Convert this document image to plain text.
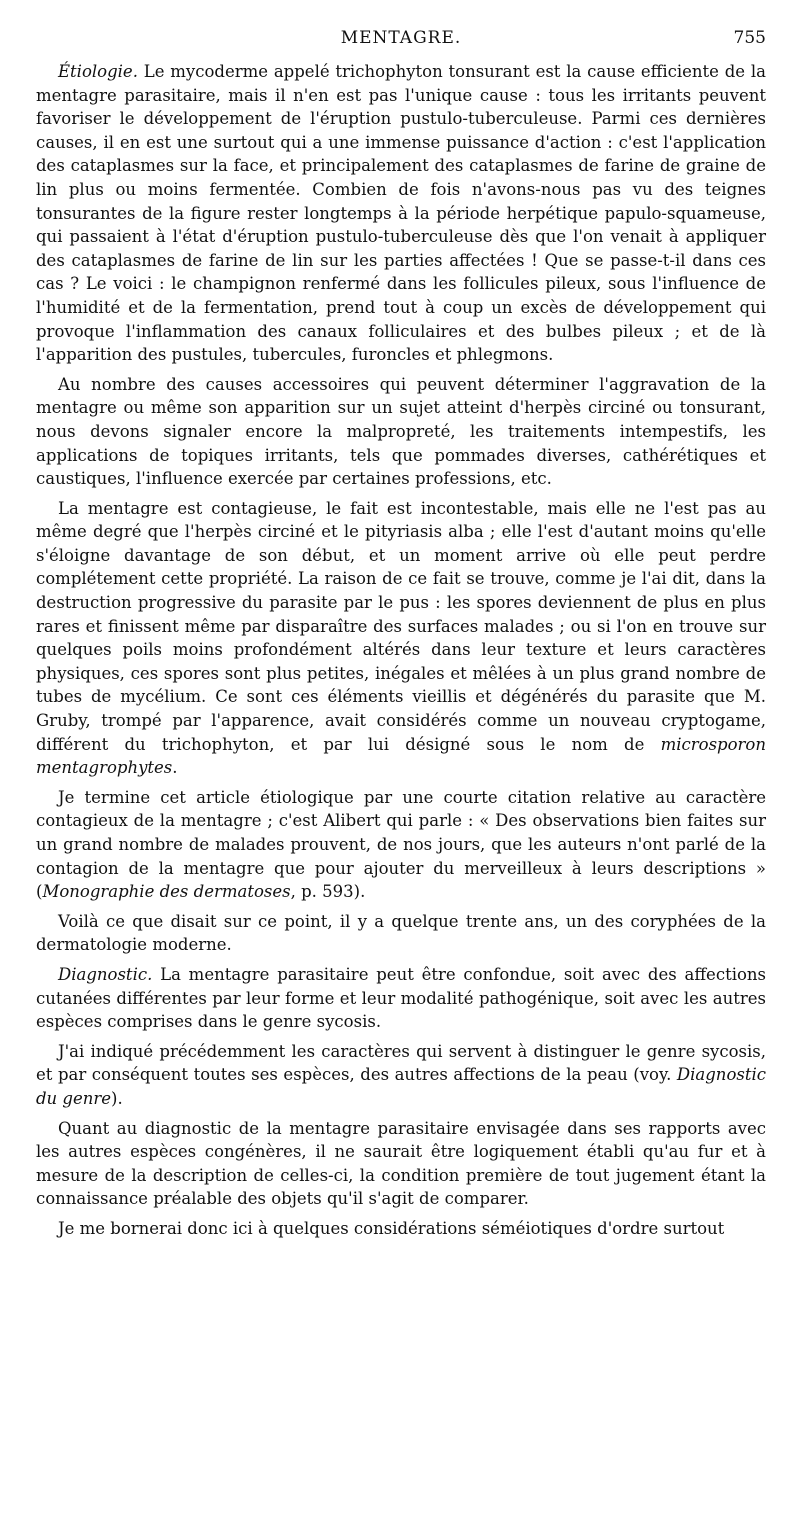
MENTAGRE.	755

Étiologie. Le mycoderme appelé trichophyton tonsurant est la cause efficiente de la mentagre parasitaire, mais il n'en est pas l'unique cause : tous les irritants peuvent favoriser le développement de l'éruption pustulo-tuberculeuse. Parmi ces dernières causes, il en est une surtout qui a une immense puissance d'action : c'est l'application des cataplasmes sur la face, et principalement des cataplasmes de farine de graine de lin plus ou moins fermentée. Combien de fois n'avons-nous pas vu des teignes tonsurantes de la figure rester longtemps à la période herpétique papulo-squameuse, qui passaient à l'état d'éruption pustulo-tuberculeuse dès que l'on venait à appliquer des cataplasmes de farine de lin sur les parties affectées ! Que se passe-t-il dans ces cas ? Le voici : le champignon renfermé dans les follicules pileux, sous l'influence de l'humidité et de la fermentation, prend tout à coup un excès de développement qui provoque l'inflammation des canaux folliculaires et des bulbes pileux ; et de là l'apparition des pustules, tubercules, furoncles et phlegmons.

Au nombre des causes accessoires qui peuvent déterminer l'aggravation de la mentagre ou même son apparition sur un sujet atteint d'herpès circiné ou tonsurant, nous devons signaler encore la malpropreté, les traitements intempestifs, les applications de topiques irritants, tels que pommades diverses, cathérétiques et caustiques, l'influence exercée par certaines professions, etc.

La mentagre est contagieuse, le fait est incontestable, mais elle ne l'est pas au même degré que l'herpès circiné et le pityriasis alba ; elle l'est d'autant moins qu'elle s'éloigne davantage de son début, et un moment arrive où elle peut perdre complétement cette propriété. La raison de ce fait se trouve, comme je l'ai dit, dans la destruction progressive du parasite par le pus : les spores deviennent de plus en plus rares et finissent même par disparaître des surfaces malades ; ou si l'on en trouve sur quelques poils moins profondément altérés dans leur texture et leurs caractères physiques, ces spores sont plus petites, inégales et mêlées à un plus grand nombre de tubes de mycélium. Ce sont ces éléments vieillis et dégénérés du parasite que M. Gruby, trompé par l'apparence, avait considérés comme un nouveau cryptogame, différent du trichophyton, et par lui désigné sous le nom de microsporon mentagrophytes.

Je termine cet article étiologique par une courte citation relative au caractère contagieux de la mentagre ; c'est Alibert qui parle : « Des observations bien faites sur un grand nombre de malades prouvent, de nos jours, que les auteurs n'ont parlé de la contagion de la mentagre que pour ajouter du merveilleux à leurs descriptions » (Monographie des dermatoses, p. 593).

Voilà ce que disait sur ce point, il y a quelque trente ans, un des coryphées de la dermatologie moderne.

Diagnostic. La mentagre parasitaire peut être confondue, soit avec des affections cutanées différentes par leur forme et leur modalité pathogénique, soit avec les autres espèces comprises dans le genre sycosis.

J'ai indiqué précédemment les caractères qui servent à distinguer le genre sycosis, et par conséquent toutes ses espèces, des autres affections de la peau (voy. Diagnostic du genre).

Quant au diagnostic de la mentagre parasitaire envisagée dans ses rapports avec les autres espèces congénères, il ne saurait être logiquement établi qu'au fur et à mesure de la description de celles-ci, la condition première de tout jugement étant la connaissance préalable des objets qu'il s'agit de comparer.

Je me bornerai donc ici à quelques considérations séméiotiques d'ordre surtout
